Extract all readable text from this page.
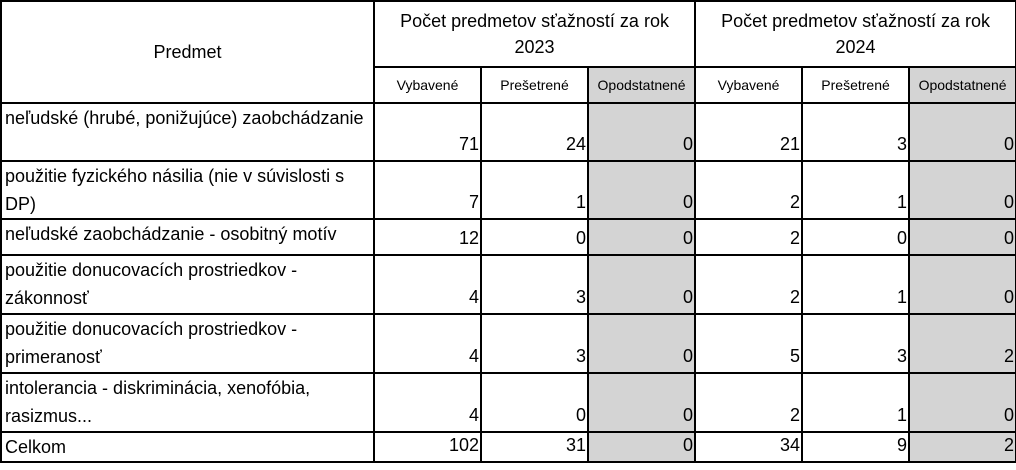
Predmet	Počet predmetov sťažností za rok 2023			Počet predmetov sťažností za rok 2024		
	Vybavené	Prešetrené	Opodstatnené	Vybavené	Prešetrené	Opodstatnené
neľudské (hrubé, ponižujúce) zaobchádzanie	71	24	0	21	3	0
použitie fyzického násilia (nie v súvislosti s DP)	7	1	0	2	1	0
neľudské zaobchádzanie - osobitný motív	12	0	0	2	0	0
použitie donucovacích prostriedkov - zákonnosť	4	3	0	2	1	0
použitie donucovacích prostriedkov - primeranosť	4	3	0	5	3	2
intolerancia - diskriminácia, xenofóbia, rasizmus...	4	0	0	2	1	0
Celkom	102	31	0	34	9	2
